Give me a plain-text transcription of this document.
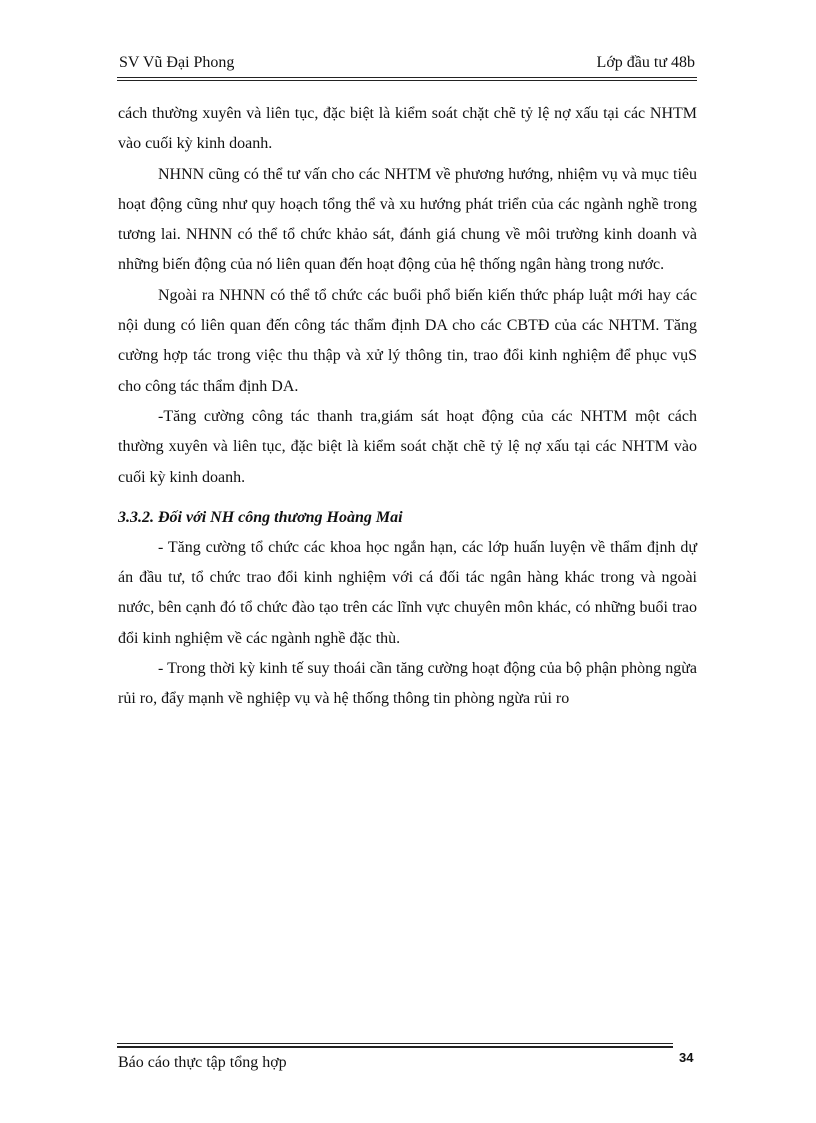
SV Vũ Đại Phong	Lớp đầu tư 48b

cách thường xuyên và liên tục, đặc biệt là kiểm soát chặt chẽ tỷ lệ nợ xấu tại các NHTM vào cuối kỳ kinh doanh.

NHNN cũng có thể tư vấn cho các NHTM về phương hướng, nhiệm vụ và mục tiêu hoạt động cũng như quy hoạch tổng thể và xu hướng phát triển của các ngành nghề trong tương lai. NHNN có thể tổ chức khảo sát, đánh giá chung về môi trường kinh doanh và những biến động của nó liên quan đến hoạt động của hệ thống ngân hàng trong nước.

Ngoài ra NHNN có thể tổ chức các buổi phổ biến kiến thức pháp luật mới hay các nội dung có liên quan đến công tác thẩm định DA cho các CBTĐ của các NHTM. Tăng cường hợp tác trong việc thu thập và xử lý thông tin, trao đổi kinh nghiệm để phục vụS cho công tác thẩm định DA.

-Tăng cường công tác thanh tra,giám sát hoạt động của các NHTM một cách thường xuyên và liên tục, đặc biệt là kiểm soát chặt chẽ tỷ lệ nợ xấu tại các NHTM vào cuối kỳ kinh doanh.

3.3.2. Đối với NH công thương Hoàng Mai

- Tăng cường tổ chức các khoa học ngắn hạn, các lớp huấn luyện về thẩm định dự án đầu tư, tổ chức trao đổi kinh nghiệm với cá đối tác ngân hàng khác trong và ngoài nước, bên cạnh đó tổ chức đào tạo trên các lĩnh vực chuyên môn khác, có những buổi trao đổi kinh nghiệm về các ngành nghề đặc thù.

- Trong thời kỳ kinh tế suy thoái cần tăng cường hoạt động của bộ phận phòng ngừa rủi ro, đẩy mạnh về nghiệp vụ và hệ thống thông tin phòng ngừa rủi ro

Báo cáo thực tập tổng hợp	34
